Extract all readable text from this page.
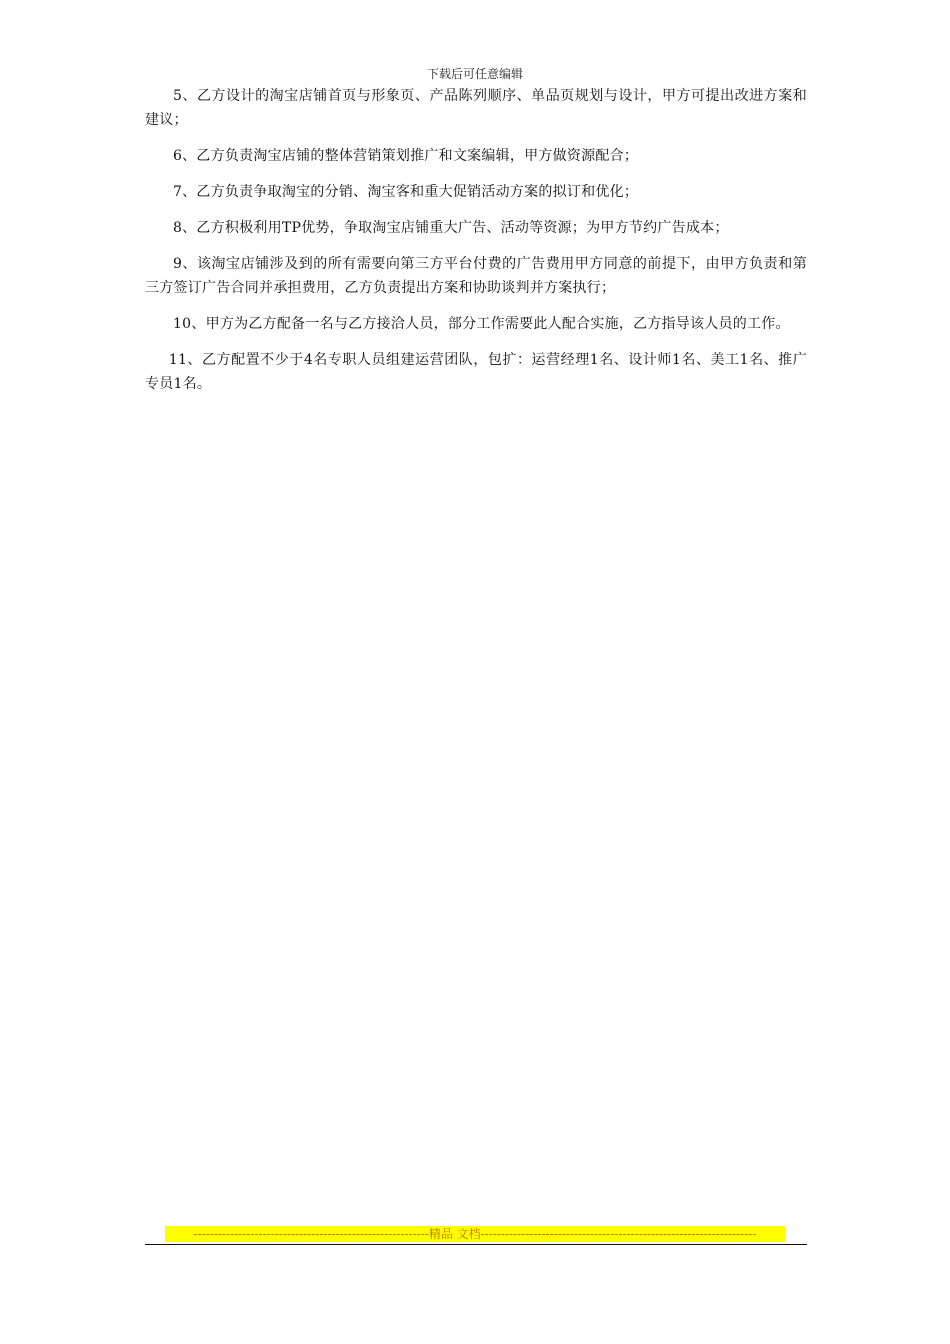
下载后可任意编辑

5、乙方设计的淘宝店铺首页与形象页、产品陈列顺序、单品页规划与设计，甲方可提出改进方案和建议；

6、乙方负责淘宝店铺的整体营销策划推广和文案编辑，甲方做资源配合；

7、乙方负责争取淘宝的分销、淘宝客和重大促销活动方案的拟订和优化；

8、乙方积极利用TP优势，争取淘宝店铺重大广告、活动等资源；为甲方节约广告成本；

9、该淘宝店铺涉及到的所有需要向第三方平台付费的广告费用甲方同意的前提下，由甲方负责和第三方签订广告合同并承担费用，乙方负责提出方案和协助谈判并方案执行；

10、甲方为乙方配备一名与乙方接洽人员，部分工作需要此人配合实施，乙方指导该人员的工作。

11、乙方配置不少于4名专职人员组建运营团队，包扩：运营经理1名、设计师1名、美工1名、推广专员1名。

----------------------------------------------------------精品 文档--------------------------------------------------------------------
